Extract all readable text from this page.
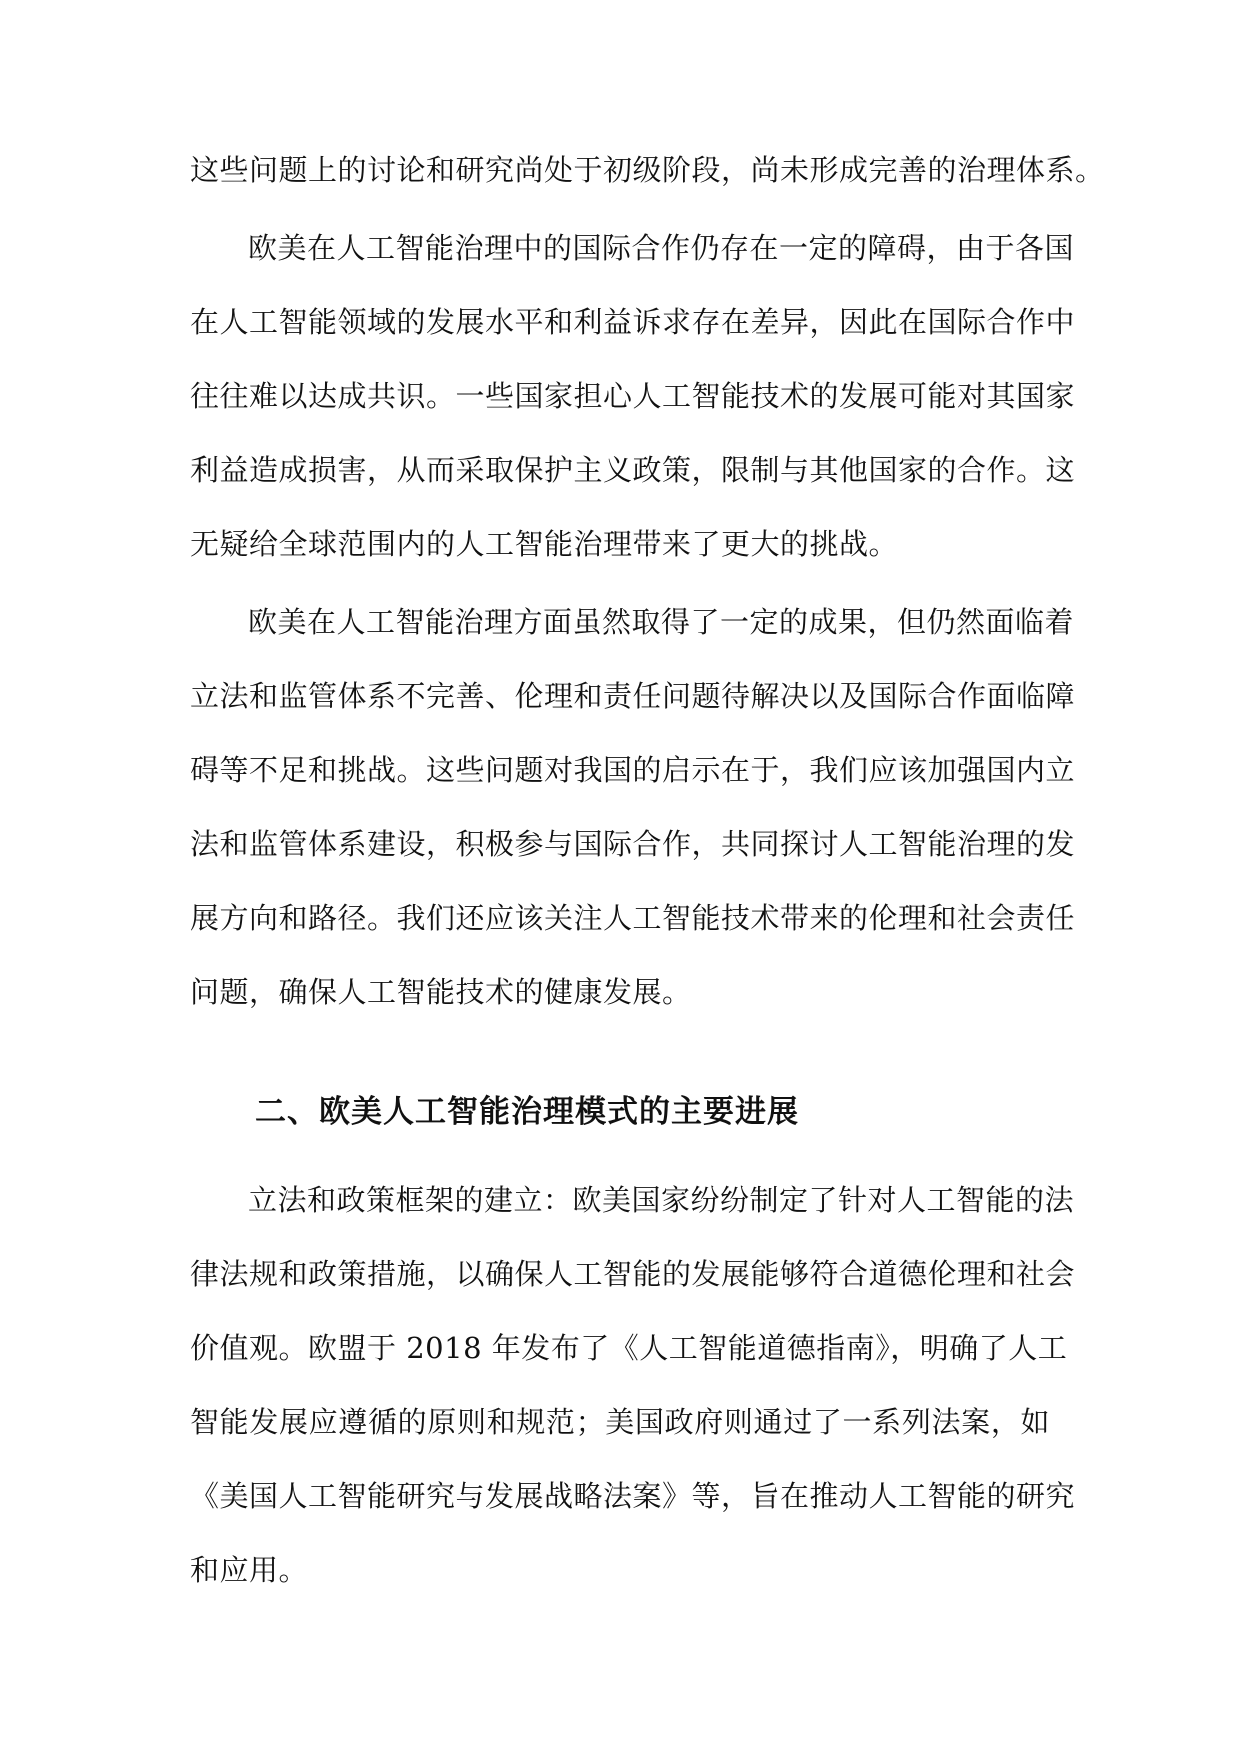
这些问题上的讨论和研究尚处于初级阶段，尚未形成完善的治理体系。
欧美在人工智能治理中的国际合作仍存在一定的障碍，由于各国
在人工智能领域的发展水平和利益诉求存在差异，因此在国际合作中
往往难以达成共识。一些国家担心人工智能技术的发展可能对其国家
利益造成损害，从而采取保护主义政策，限制与其他国家的合作。这
无疑给全球范围内的人工智能治理带来了更大的挑战。
欧美在人工智能治理方面虽然取得了一定的成果，但仍然面临着
立法和监管体系不完善、伦理和责任问题待解决以及国际合作面临障
碍等不足和挑战。这些问题对我国的启示在于，我们应该加强国内立
法和监管体系建设，积极参与国际合作，共同探讨人工智能治理的发
展方向和路径。我们还应该关注人工智能技术带来的伦理和社会责任
问题，确保人工智能技术的健康发展。
二、欧美人工智能治理模式的主要进展
立法和政策框架的建立：欧美国家纷纷制定了针对人工智能的法
律法规和政策措施，以确保人工智能的发展能够符合道德伦理和社会
价值观。欧盟于 2018 年发布了《人工智能道德指南》，明确了人工
智能发展应遵循的原则和规范；美国政府则通过了一系列法案，如
《美国人工智能研究与发展战略法案》等，旨在推动人工智能的研究
和应用。
